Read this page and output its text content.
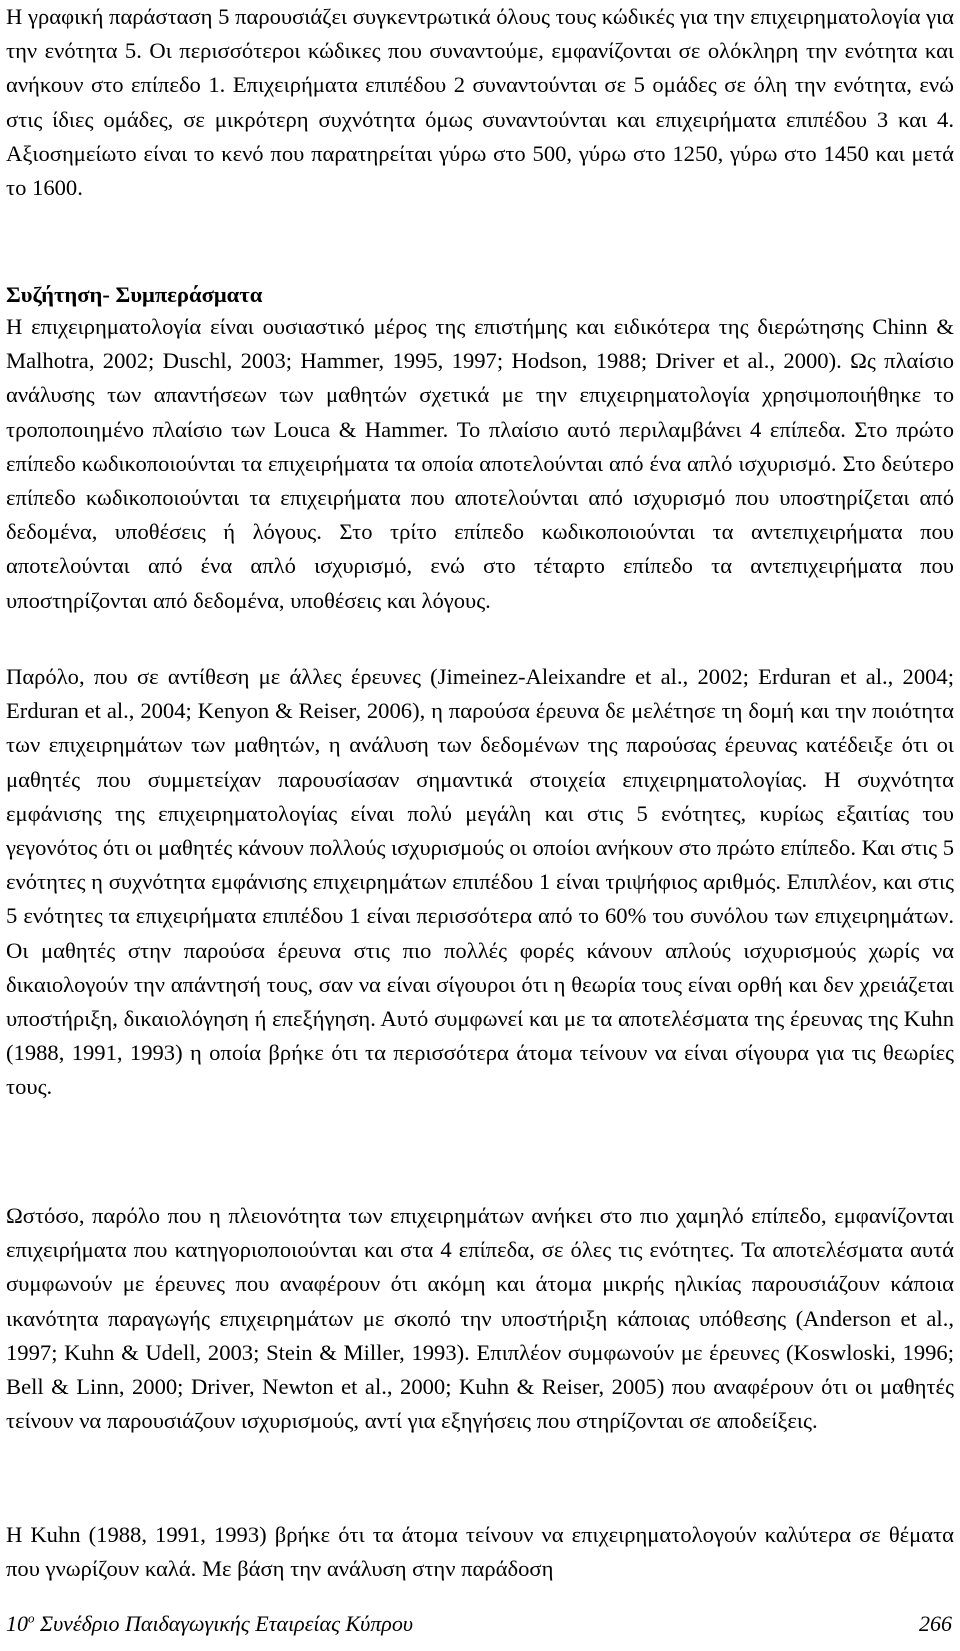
Η γραφική παράσταση 5 παρουσιάζει συγκεντρωτικά όλους τους κώδικές για την επιχειρηματολογία για την ενότητα 5. Οι περισσότεροι κώδικες που συναντούμε, εμφανίζονται σε ολόκληρη την ενότητα και ανήκουν στο επίπεδο 1. Επιχειρήματα επιπέδου 2 συναντούνται σε 5 ομάδες σε όλη την ενότητα, ενώ στις ίδιες ομάδες, σε μικρότερη συχνότητα όμως συναντούνται και επιχειρήματα επιπέδου 3 και 4. Αξιοσημείωτο είναι το κενό που παρατηρείται γύρω στο 500, γύρω στο 1250, γύρω στο 1450 και μετά το 1600.

Συζήτηση- Συμπεράσματα

Η επιχειρηματολογία είναι ουσιαστικό μέρος της επιστήμης και ειδικότερα της διερώτησης Chinn & Malhotra, 2002; Duschl, 2003; Hammer, 1995, 1997; Hodson, 1988; Driver et al., 2000). Ως πλαίσιο ανάλυσης των απαντήσεων των μαθητών σχετικά με την επιχειρηματολογία χρησιμοποιήθηκε το τροποποιημένο πλαίσιο των Louca & Hammer. Το πλαίσιο αυτό περιλαμβάνει 4 επίπεδα. Στο πρώτο επίπεδο κωδικοποιούνται τα επιχειρήματα τα οποία αποτελούνται από ένα απλό ισχυρισμό. Στο δεύτερο επίπεδο κωδικοποιούνται τα επιχειρήματα που αποτελούνται από ισχυρισμό που υποστηρίζεται από δεδομένα, υποθέσεις ή λόγους. Στο τρίτο επίπεδο κωδικοποιούνται τα αντεπιχειρήματα που αποτελούνται από ένα απλό ισχυρισμό, ενώ στο τέταρτο επίπεδο τα αντεπιχειρήματα που υποστηρίζονται από δεδομένα, υποθέσεις και λόγους.

Παρόλο, που σε αντίθεση με άλλες έρευνες (Jimeinez-Aleixandre et al., 2002; Erduran et al., 2004; Erduran et al., 2004; Kenyon & Reiser, 2006), η παρούσα έρευνα δε μελέτησε τη δομή και την ποιότητα των επιχειρημάτων των μαθητών, η ανάλυση των δεδομένων της παρούσας έρευνας κατέδειξε ότι οι μαθητές που συμμετείχαν παρουσίασαν σημαντικά στοιχεία επιχειρηματολογίας. Η συχνότητα εμφάνισης της επιχειρηματολογίας είναι πολύ μεγάλη και στις 5 ενότητες, κυρίως εξαιτίας του γεγονότος ότι οι μαθητές κάνουν πολλούς ισχυρισμούς οι οποίοι ανήκουν στο πρώτο επίπεδο. Και στις 5 ενότητες η συχνότητα εμφάνισης επιχειρημάτων επιπέδου 1 είναι τριψήφιος αριθμός. Επιπλέον, και στις 5 ενότητες τα επιχειρήματα επιπέδου 1 είναι περισσότερα από το 60% του συνόλου των επιχειρημάτων. Οι μαθητές στην παρούσα έρευνα στις πιο πολλές φορές κάνουν απλούς ισχυρισμούς χωρίς να δικαιολογούν την απάντησή τους, σαν να είναι σίγουροι ότι η θεωρία τους είναι ορθή και δεν χρειάζεται υποστήριξη, δικαιολόγηση ή επεξήγηση. Αυτό συμφωνεί και με τα αποτελέσματα της έρευνας της Kuhn (1988, 1991, 1993) η οποία βρήκε ότι τα περισσότερα άτομα τείνουν να είναι σίγουρα για τις θεωρίες τους.

Ωστόσο, παρόλο που η πλειονότητα των επιχειρημάτων ανήκει στο πιο χαμηλό επίπεδο, εμφανίζονται επιχειρήματα που κατηγοριοποιούνται και στα 4 επίπεδα, σε όλες τις ενότητες. Τα αποτελέσματα αυτά συμφωνούν με έρευνες που αναφέρουν ότι ακόμη και άτομα μικρής ηλικίας παρουσιάζουν κάποια ικανότητα παραγωγής επιχειρημάτων με σκοπό την υποστήριξη κάποιας υπόθεσης (Anderson et al., 1997; Kuhn & Udell, 2003; Stein & Miller, 1993). Επιπλέον συμφωνούν με έρευνες (Koswloski, 1996; Bell & Linn, 2000; Driver, Newton et al., 2000; Kuhn & Reiser, 2005) που αναφέρουν ότι οι μαθητές τείνουν να παρουσιάζουν ισχυρισμούς, αντί για εξηγήσεις που στηρίζονται σε αποδείξεις.

Η Kuhn (1988, 1991, 1993) βρήκε ότι τα άτομα τείνουν να επιχειρηματολογούν καλύτερα σε θέματα που γνωρίζουν καλά. Με βάση την ανάλυση στην παράδοση

$10^o$ Συνέδριο Παιδαγωγικής Εταιρείας Κύπρου	266
